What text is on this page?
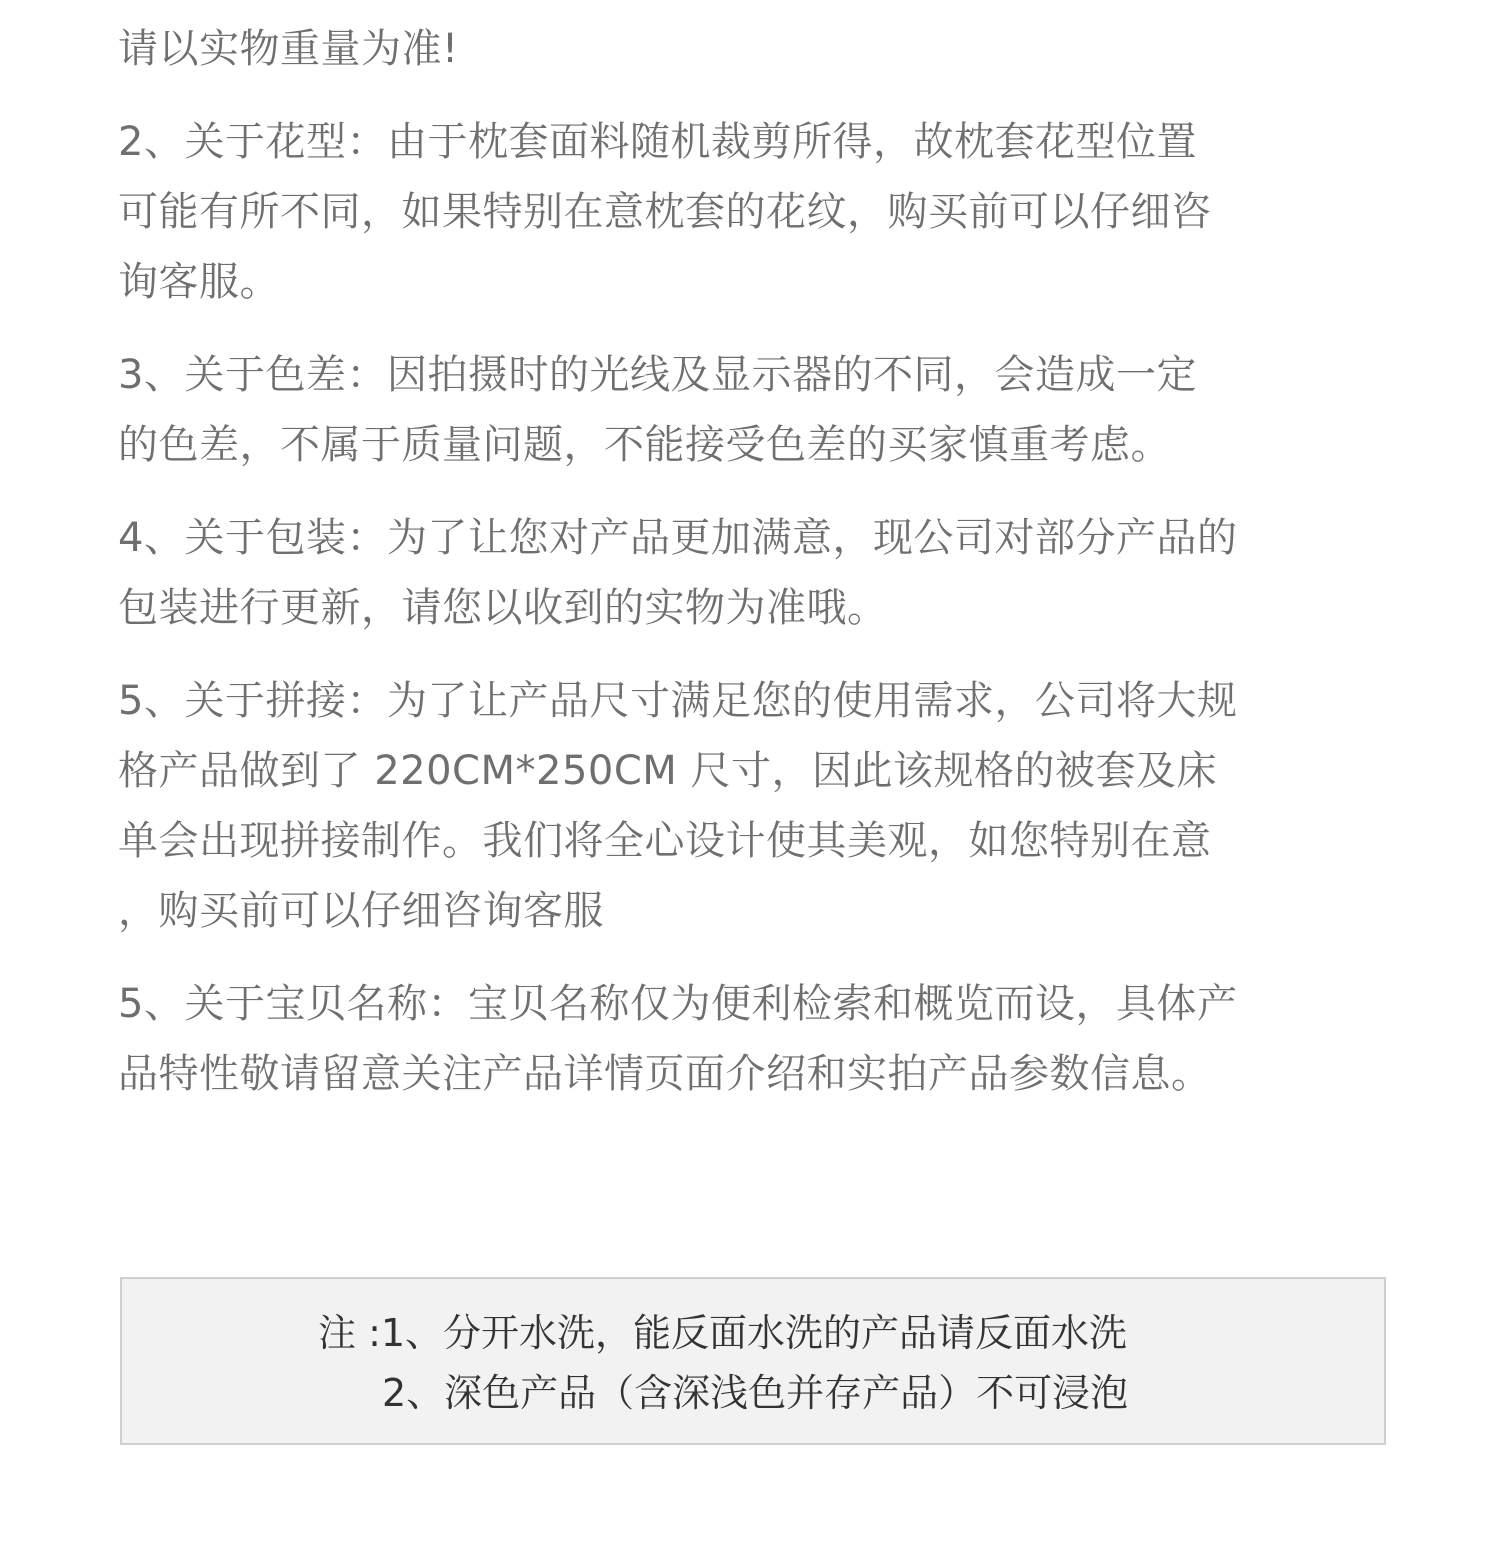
请以实物重量为准!
2、关于花型：由于枕套面料随机裁剪所得，故枕套花型位置
可能有所不同，如果特别在意枕套的花纹，购买前可以仔细咨
询客服。
3、关于色差：因拍摄时的光线及显示器的不同，会造成一定
的色差，不属于质量问题，不能接受色差的买家慎重考虑。
4、关于包装：为了让您对产品更加满意，现公司对部分产品的
包装进行更新，请您以收到的实物为准哦。
5、关于拼接：为了让产品尺寸满足您的使用需求，公司将大规
格产品做到了 220CM*250CM 尺寸，因此该规格的被套及床
单会出现拼接制作。我们将全心设计使其美观，如您特别在意
，购买前可以仔细咨询客服
5、关于宝贝名称：宝贝名称仅为便利检索和概览而设，具体产
品特性敬请留意关注产品详情页面介绍和实拍产品参数信息。
注 :1、分开水洗，能反面水洗的产品请反面水洗
2、深色产品（含深浅色并存产品）不可浸泡
